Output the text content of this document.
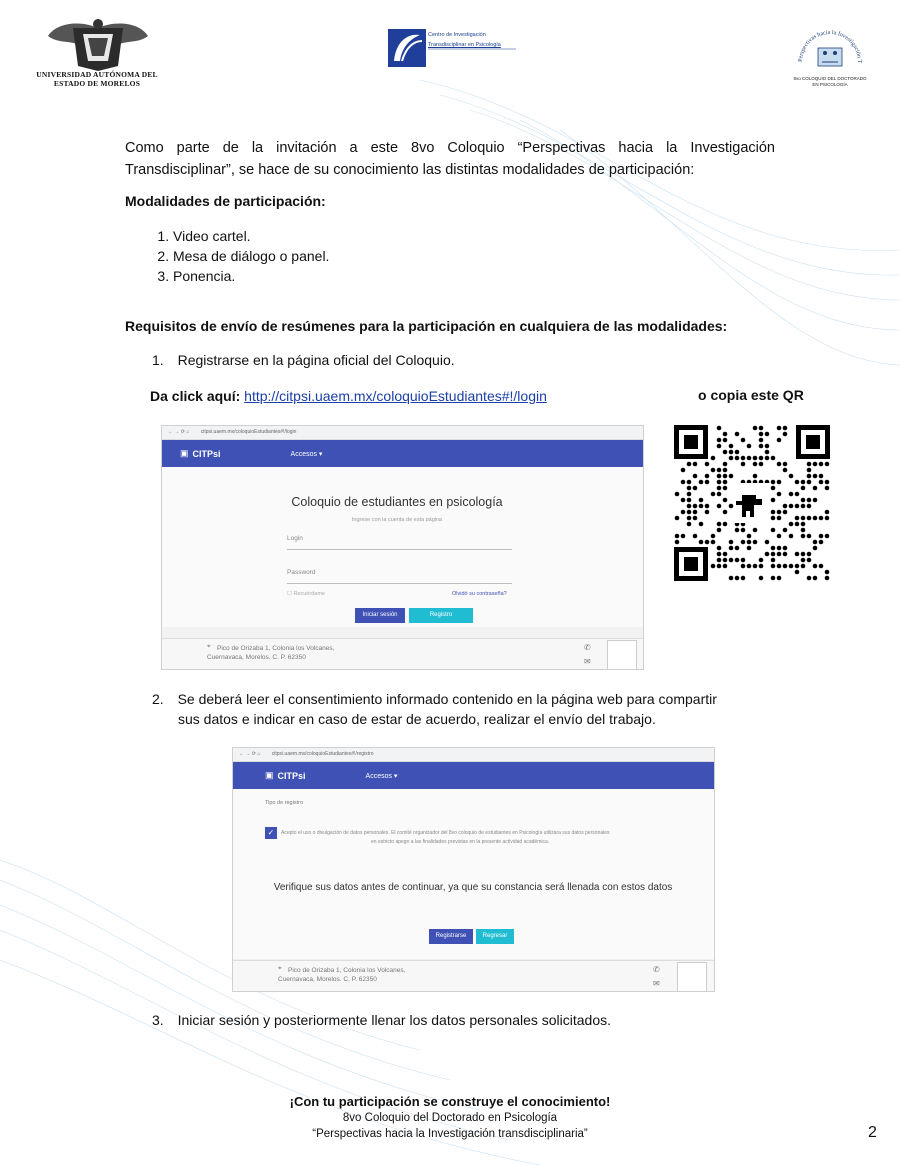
UNIVERSIDAD AUTÓNOMA DEL
ESTADO DE MORELOS
Centro de Investigación
Transdisciplinar en Psicología
Perspectivas hacia la Investigación T
8vo COLOQUIO DEL DOCTORADO EN PSICOLOGÍA
Como parte de la invitación a este 8vo Coloquio “Perspectivas hacia la Investigación Transdisciplinar”, se hace de su conocimiento las distintas modalidades de participación:
Modalidades de participación:
1. Video cartel.
2. Mesa de diálogo o panel.
3. Ponencia.
Requisitos de envío de resúmenes para la participación en cualquiera de las modalidades:
1. Registrarse en la página oficial del Coloquio.
Da click aquí: http://citpsi.uaem.mx/coloquioEstudiantes#!/login	o copia este QR
← → ⟳ ⌂ citpsi.uaem.mx/coloquioEstudiantes#!/login
▣ CITPsi	Accesos ▾
Coloquio de estudiantes en psicología
Ingrese con la cuenta de esta página
Login
Password
☐ Recuérdame	Olvidó su contraseña?
Iniciar sesión	Registro
⌖ Pico de Orizaba 1, Colonia los Volcanes,
Cuernavaca, Morelos. C. P. 62350
✆
✉
2. Se deberá leer el consentimiento informado contenido en la página web para compartir
sus datos e indicar en caso de estar de acuerdo, realizar el envío del trabajo.
← → ⟳ ⌂ citpsi.uaem.mx/coloquioEstudiantes#!/registro
▣ CITPsi	Accesos ▾
Tipo de registro
✓	Acepto el uso o divulgación de datos personales. El comité organizador del 8vo coloquio de estudiantes en Psicología utilizara sus datos personales
en estricto apego a las finalidades previstas en la presente actividad académica.
Verifique sus datos antes de continuar, ya que su constancia será llenada con estos datos
Registrarse	Regresar
⌖ Pico de Orizaba 1, Colonia los Volcanes,
Cuernavaca, Morelos. C. P. 62350
✆
✉
3. Iniciar sesión y posteriormente llenar los datos personales solicitados.
¡Con tu participación se construye el conocimiento!
8vo Coloquio del Doctorado en Psicología
“Perspectivas hacia la Investigación transdisciplinaria”	2
